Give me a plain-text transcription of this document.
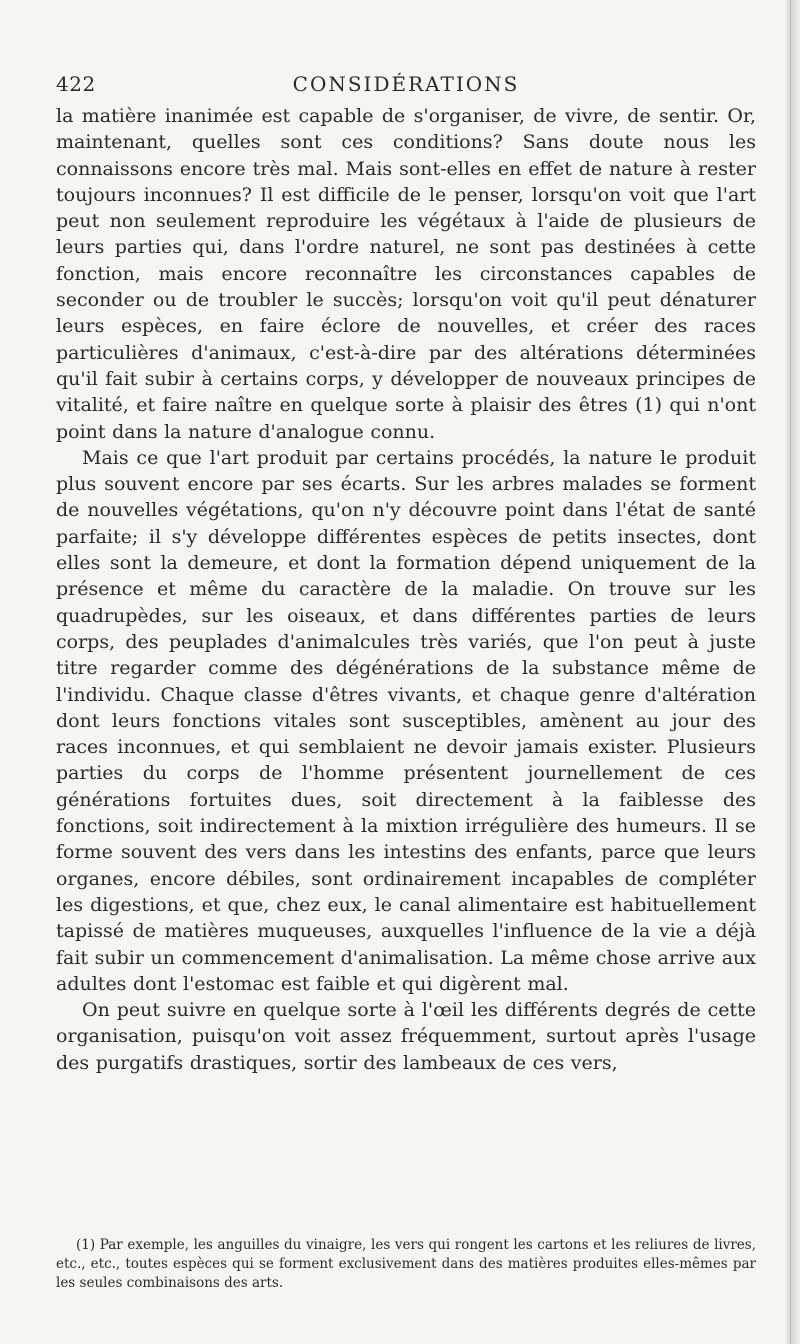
422	CONSIDÉRATIONS

la matière inanimée est capable de s'organiser, de vivre, de sentir. Or, maintenant, quelles sont ces conditions? Sans doute nous les connaissons encore très mal. Mais sont-elles en effet de nature à rester toujours inconnues? Il est difficile de le penser, lorsqu'on voit que l'art peut non seulement reproduire les végétaux à l'aide de plusieurs de leurs parties qui, dans l'ordre naturel, ne sont pas destinées à cette fonction, mais encore reconnaître les circonstances capables de seconder ou de troubler le succès; lorsqu'on voit qu'il peut dénaturer leurs espèces, en faire éclore de nouvelles, et créer des races particulières d'animaux, c'est-à-dire par des altérations déterminées qu'il fait subir à certains corps, y développer de nouveaux principes de vitalité, et faire naître en quelque sorte à plaisir des êtres (1) qui n'ont point dans la nature d'analogue connu.

Mais ce que l'art produit par certains procédés, la nature le produit plus souvent encore par ses écarts. Sur les arbres malades se forment de nouvelles végétations, qu'on n'y découvre point dans l'état de santé parfaite; il s'y développe différentes espèces de petits insectes, dont elles sont la demeure, et dont la formation dépend uniquement de la présence et même du caractère de la maladie. On trouve sur les quadrupèdes, sur les oiseaux, et dans différentes parties de leurs corps, des peuplades d'animalcules très variés, que l'on peut à juste titre regarder comme des dégénérations de la substance même de l'individu. Chaque classe d'êtres vivants, et chaque genre d'altération dont leurs fonctions vitales sont susceptibles, amènent au jour des races inconnues, et qui semblaient ne devoir jamais exister. Plusieurs parties du corps de l'homme présentent journellement de ces générations fortuites dues, soit directement à la faiblesse des fonctions, soit indirectement à la mixtion irrégulière des humeurs. Il se forme souvent des vers dans les intestins des enfants, parce que leurs organes, encore débiles, sont ordinairement incapables de compléter les digestions, et que, chez eux, le canal alimentaire est habituellement tapissé de matières muqueuses, auxquelles l'influence de la vie a déjà fait subir un commencement d'animalisation. La même chose arrive aux adultes dont l'estomac est faible et qui digèrent mal.

On peut suivre en quelque sorte à l'œil les différents degrés de cette organisation, puisqu'on voit assez fréquemment, surtout après l'usage des purgatifs drastiques, sortir des lambeaux de ces vers,

(1) Par exemple, les anguilles du vinaigre, les vers qui rongent les cartons et les reliures de livres, etc., etc., toutes espèces qui se forment exclusivement dans des matières produites elles-mêmes par les seules combinaisons des arts.
